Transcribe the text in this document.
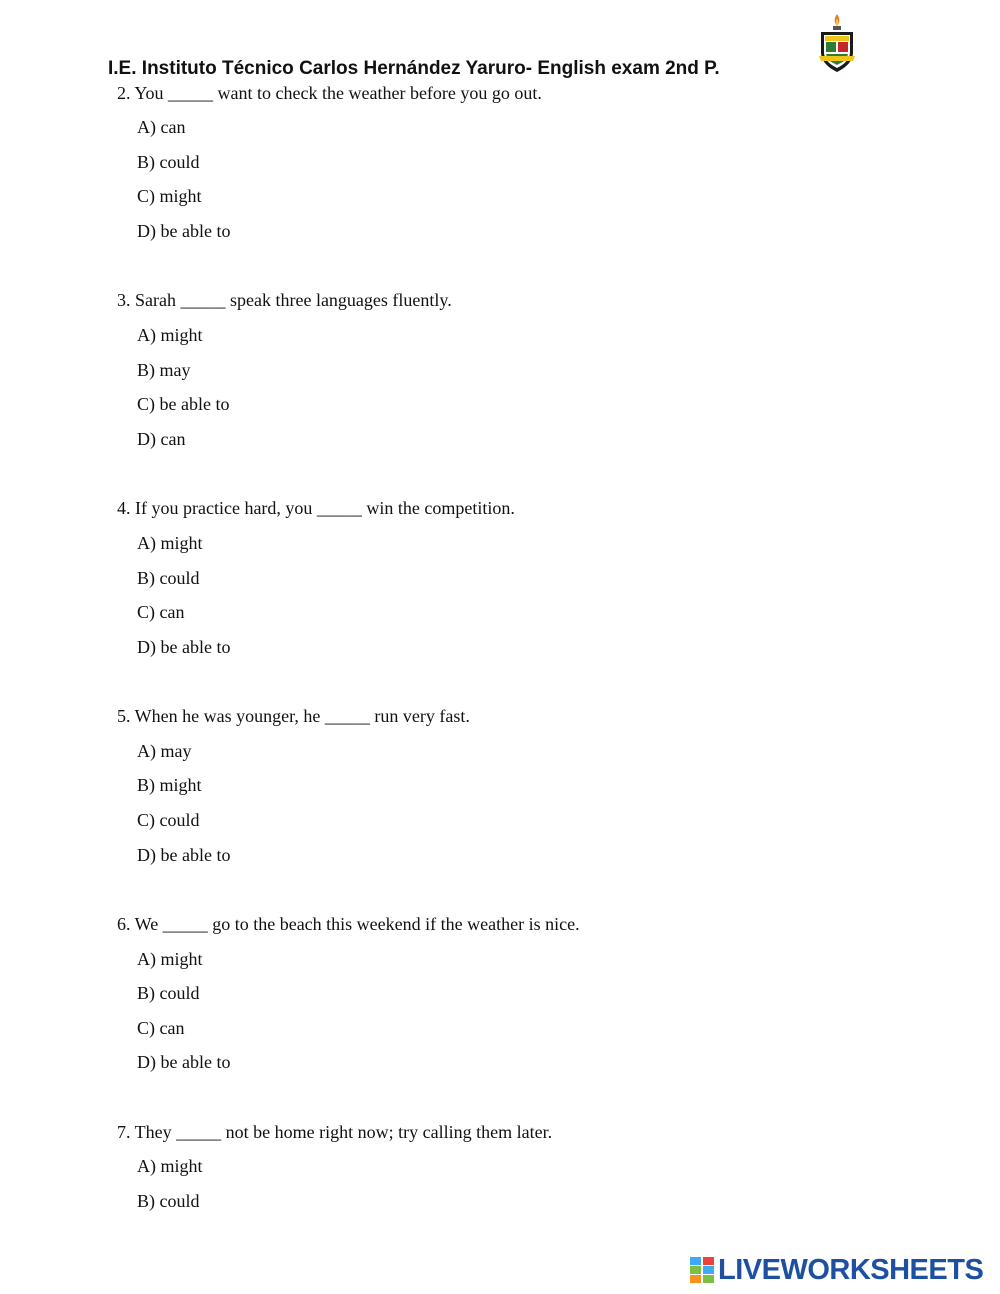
I.E. Instituto Técnico Carlos Hernández Yaruro- English exam 2nd P.
2. You _____ want to check the weather before you go out.
A) can
B) could
C) might
D) be able to
3. Sarah _____ speak three languages fluently.
A) might
B) may
C) be able to
D) can
4. If you practice hard, you _____ win the competition.
A) might
B) could
C) can
D) be able to
5. When he was younger, he _____ run very fast.
A) may
B) might
C) could
D) be able to
6. We _____ go to the beach this weekend if the weather is nice.
A) might
B) could
C) can
D) be able to
7. They _____ not be home right now; try calling them later.
A) might
B) could
LIVEWORKSHEETS
